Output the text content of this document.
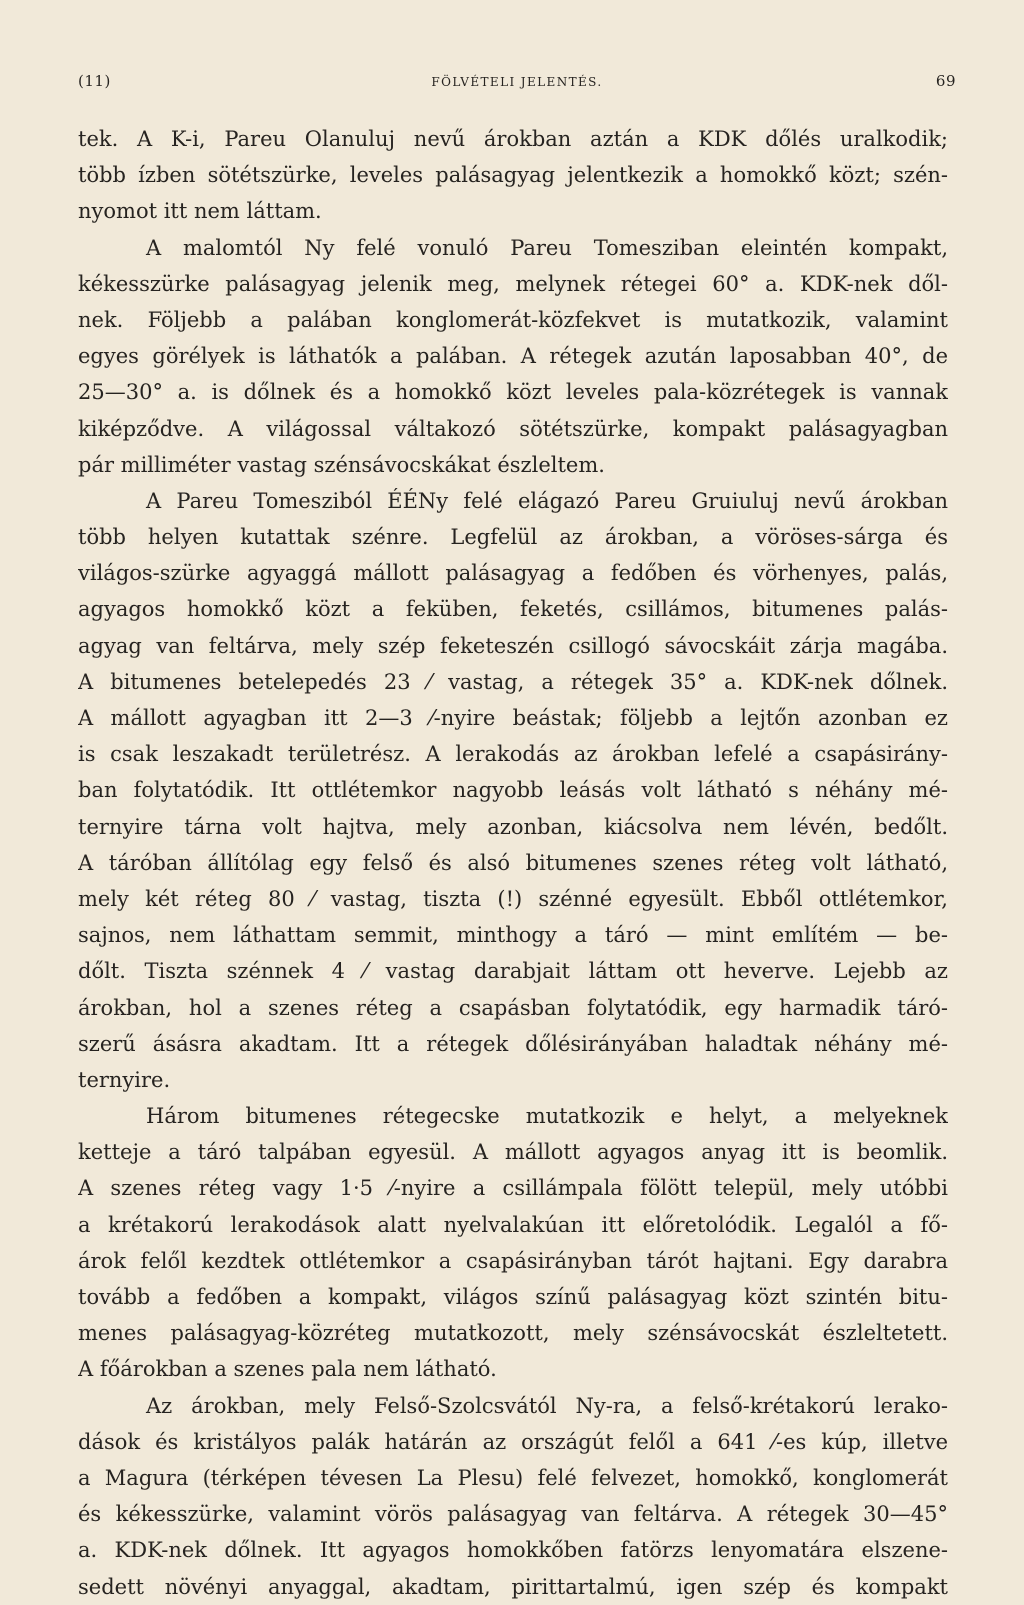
(11)	FÖLVÉTELI JELENTÉS.	69
tek. A K-i, Pareu Olanuluj nevű árokban aztán a KDK dőlés uralkodik;
több ízben sötétszürke, leveles palásagyag jelentkezik a homokkő közt; szén-
nyomot itt nem láttam.
A malomtól Ny felé vonuló Pareu Tomesziban eleintén kompakt,
kékesszürke palásagyag jelenik meg, melynek rétegei 60° a. KDK-nek dől-
nek. Följebb a palában konglomerát-közfekvet is mutatkozik, valamint
egyes görélyek is láthatók a palában. A rétegek azután laposabban 40°, de
25—30° a. is dőlnek és a homokkő közt leveles pala-közrétegek is vannak
kiképződve. A világossal váltakozó sötétszürke, kompakt palásagyagban
pár milliméter vastag szénsávocskákat észleltem.
A Pareu Tomesziból ÉÉNy felé elágazó Pareu Gruiuluj nevű árokban
több helyen kutattak szénre. Legfelül az árokban, a vöröses-sárga és
világos-szürke agyaggá mállott palásagyag a fedőben és vörhenyes, palás,
agyagos homokkő közt a feküben, feketés, csillámos, bitumenes palás-
agyag van feltárva, mely szép feketeszén csillogó sávocskáit zárja magába.
A bitumenes betelepedés 23 ⁄ vastag, a rétegek 35° a. KDK-nek dőlnek.
A mállott agyagban itt 2—3 ⁄-nyire beástak; följebb a lejtőn azonban ez
is csak leszakadt területrész. A lerakodás az árokban lefelé a csapásirány-
ban folytatódik. Itt ottlétemkor nagyobb leásás volt látható s néhány mé-
ternyire tárna volt hajtva, mely azonban, kiácsolva nem lévén, bedőlt.
A táróban állítólag egy felső és alsó bitumenes szenes réteg volt látható,
mely két réteg 80 ⁄ vastag, tiszta (!) szénné egyesült. Ebből ottlétemkor,
sajnos, nem láthattam semmit, minthogy a táró — mint említém — be-
dőlt. Tiszta szénnek 4 ⁄ vastag darabjait láttam ott heverve. Lejebb az
árokban, hol a szenes réteg a csapásban folytatódik, egy harmadik táró-
szerű ásásra akadtam. Itt a rétegek dőlésirányában haladtak néhány mé-
ternyire.
Három bitumenes rétegecske mutatkozik e helyt, a melyeknek
ketteje a táró talpában egyesül. A mállott agyagos anyag itt is beomlik.
A szenes réteg vagy 1·5 ⁄-nyire a csillámpala fölött települ, mely utóbbi
a krétakorú lerakodások alatt nyelvalakúan itt előretolódik. Legalól a fő-
árok felől kezdtek ottlétemkor a csapásirányban tárót hajtani. Egy darabra
tovább a fedőben a kompakt, világos színű palásagyag közt szintén bitu-
menes palásagyag-közréteg mutatkozott, mely szénsávocskát észleltetett.
A főárokban a szenes pala nem látható.
Az árokban, mely Felső-Szolcsvától Ny-ra, a felső-krétakorú lerako-
dások és kristályos palák határán az országút felől a 641 ⁄-es kúp, illetve
a Magura (térképen tévesen La Plesu) felé felvezet, homokkő, konglomerát
és kékesszürke, valamint vörös palásagyag van feltárva. A rétegek 30—45°
a. KDK-nek dőlnek. Itt agyagos homokkőben fatörzs lenyomatára elszene-
sedett növényi anyaggal, akadtam, pirittartalmú, igen szép és kompakt
